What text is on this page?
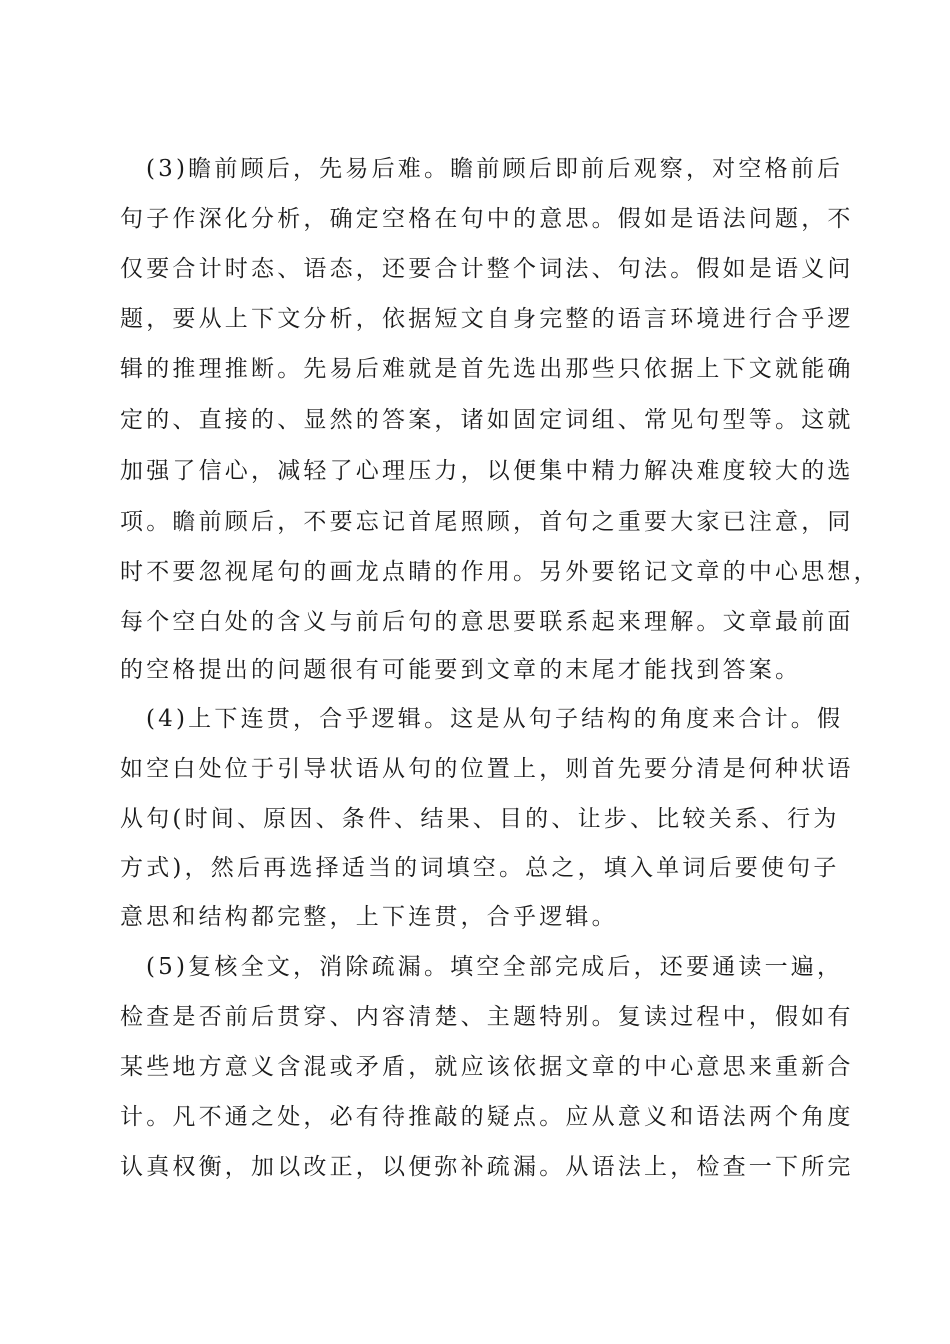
(3)瞻前顾后，先易后难。瞻前顾后即前后观察，对空格前后
句子作深化分析，确定空格在句中的意思。假如是语法问题，不
仅要合计时态、语态，还要合计整个词法、句法。假如是语义问
题，要从上下文分析，依据短文自身完整的语言环境进行合乎逻
辑的推理推断。先易后难就是首先选出那些只依据上下文就能确
定的、直接的、显然的答案，诸如固定词组、常见句型等。这就
加强了信心，减轻了心理压力，以便集中精力解决难度较大的选
项。瞻前顾后，不要忘记首尾照顾，首句之重要大家已注意，同
时不要忽视尾句的画龙点睛的作用。另外要铭记文章的中心思想，
每个空白处的含义与前后句的意思要联系起来理解。文章最前面
的空格提出的问题很有可能要到文章的末尾才能找到答案。
(4)上下连贯，合乎逻辑。这是从句子结构的角度来合计。假
如空白处位于引导状语从句的位置上，则首先要分清是何种状语
从句(时间、原因、条件、结果、目的、让步、比较关系、行为
方式)，然后再选择适当的词填空。总之，填入单词后要使句子
意思和结构都完整，上下连贯，合乎逻辑。
(5)复核全文，消除疏漏。填空全部完成后，还要通读一遍，
检查是否前后贯穿、内容清楚、主题特别。复读过程中，假如有
某些地方意义含混或矛盾，就应该依据文章的中心意思来重新合
计。凡不通之处，必有待推敲的疑点。应从意义和语法两个角度
认真权衡，加以改正，以便弥补疏漏。从语法上，检查一下所完
